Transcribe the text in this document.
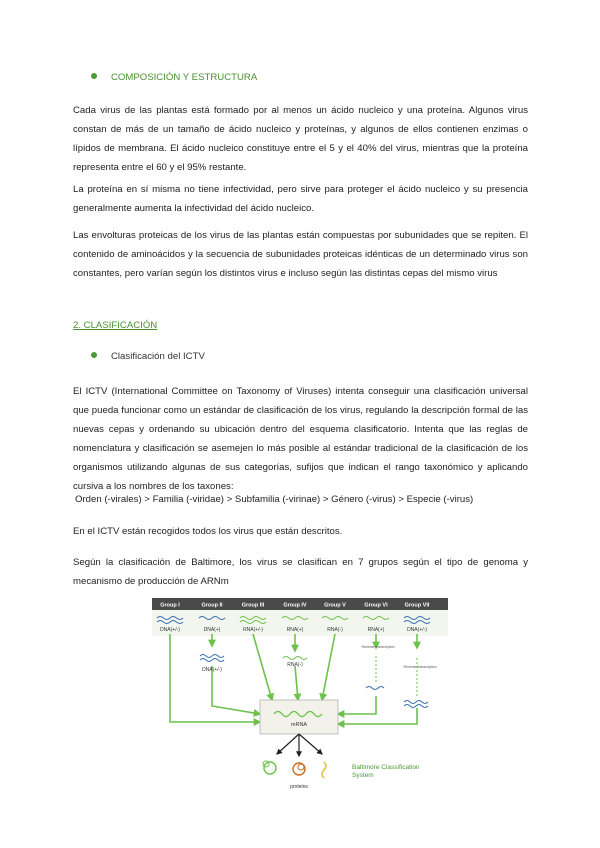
COMPOSICIÓN Y ESTRUCTURA
Cada virus de las plantas está formado por al menos un ácido nucleico y una proteína. Algunos virus constan de más de un tamaño de ácido nucleico y proteínas, y algunos de ellos contienen enzimas o lípidos de membrana. El ácido nucleico constituye entre el 5 y el 40% del virus, mientras que la proteína representa entre el 60 y el 95% restante.
La proteína en sí misma no tiene infectividad, pero sirve para proteger el ácido nucleico y su presencia generalmente aumenta la infectividad del ácido nucleico.
Las envolturas proteicas de los virus de las plantas están compuestas por subunidades que se repiten. El contenido de aminoácidos y la secuencia de subunidades proteicas idénticas de un determinado virus son constantes, pero varían según los distintos virus e incluso según las distintas cepas del mismo virus
2. CLASIFICACIÓN
Clasificación del ICTV
El ICTV (International Committee on Taxonomy of Viruses) intenta conseguir una clasificación universal que pueda funcionar como un estándar de clasificación de los virus, regulando la descripción formal de las nuevas cepas y ordenando su ubicación dentro del esquema clasificatorio. Intenta que las reglas de nomenclatura y clasificación se asemejen lo más posible al estándar tradicional de la clasificación de los organismos utilizando algunas de sus categorías, sufijos que indican el rango taxonómico y aplicando cursiva a los nombres de los taxones:
Orden (-virales) > Familia (-viridae) > Subfamilia (-virinae) > Género (-virus) > Especie (-virus)
En el ICTV están recogidos todos los virus que están descritos.
Según la clasificación de Baltimore, los virus se clasifican en 7 grupos según el tipo de genoma y mecanismo de producción de ARNm
Group I	Group II	Group III	Group IV	Group V	Group VI	Group VII
DNA(+/-)	DNA(+)	RNA(+/-)	RNA(+)	RNA(-)	RNA(+)	DNA(+/-)
DNA(+/-)
RNA(-)
Reverse transcription
Reverse transcription
mRNA
proteins
Baltimore Classification
System
